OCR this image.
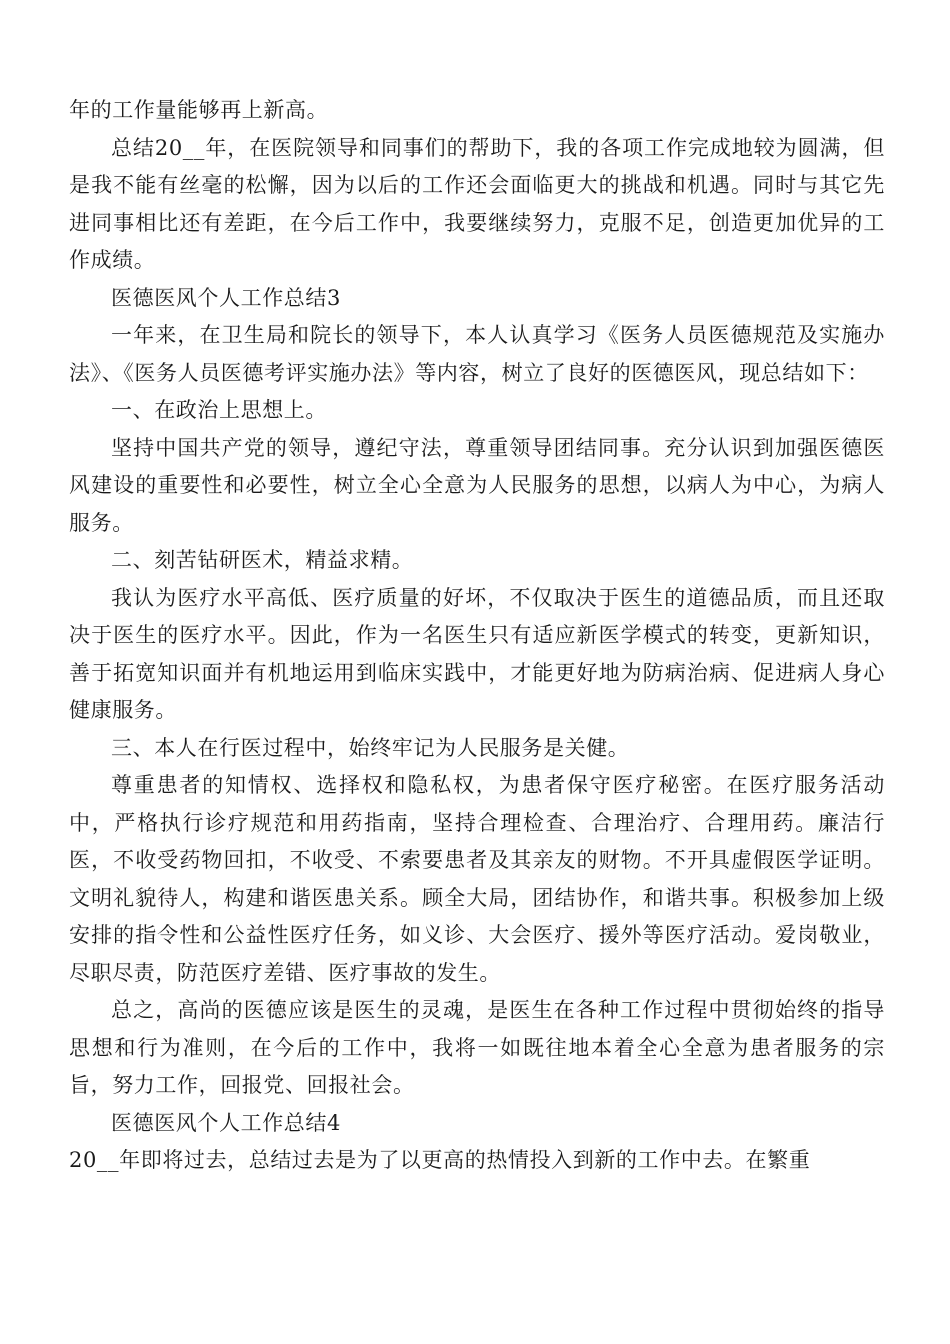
年的工作量能够再上新高。

总结20__年，在医院领导和同事们的帮助下，我的各项工作完成地较为圆满，但是我不能有丝毫的松懈，因为以后的工作还会面临更大的挑战和机遇。同时与其它先进同事相比还有差距，在今后工作中，我要继续努力，克服不足，创造更加优异的工作成绩。

医德医风个人工作总结3

一年来，在卫生局和院长的领导下，本人认真学习《医务人员医德规范及实施办法》、《医务人员医德考评实施办法》等内容，树立了良好的医德医风，现总结如下：

一、在政治上思想上。

坚持中国共产党的领导，遵纪守法，尊重领导团结同事。充分认识到加强医德医风建设的重要性和必要性，树立全心全意为人民服务的思想，以病人为中心，为病人服务。

二、刻苦钻研医术，精益求精。

我认为医疗水平高低、医疗质量的好坏，不仅取决于医生的道德品质，而且还取决于医生的医疗水平。因此，作为一名医生只有适应新医学模式的转变，更新知识，善于拓宽知识面并有机地运用到临床实践中，才能更好地为防病治病、促进病人身心健康服务。

三、本人在行医过程中，始终牢记为人民服务是关健。

尊重患者的知情权、选择权和隐私权，为患者保守医疗秘密。在医疗服务活动中，严格执行诊疗规范和用药指南，坚持合理检查、合理治疗、合理用药。廉洁行医，不收受药物回扣，不收受、不索要患者及其亲友的财物。不开具虚假医学证明。文明礼貌待人，构建和谐医患关系。顾全大局，团结协作，和谐共事。积极参加上级安排的指令性和公益性医疗任务，如义诊、大会医疗、援外等医疗活动。爱岗敬业，尽职尽责，防范医疗差错、医疗事故的发生。

总之，高尚的医德应该是医生的灵魂，是医生在各种工作过程中贯彻始终的指导思想和行为准则，在今后的工作中，我将一如既往地本着全心全意为患者服务的宗旨，努力工作，回报党、回报社会。

医德医风个人工作总结4

20__年即将过去，总结过去是为了以更高的热情投入到新的工作中去。在繁重
